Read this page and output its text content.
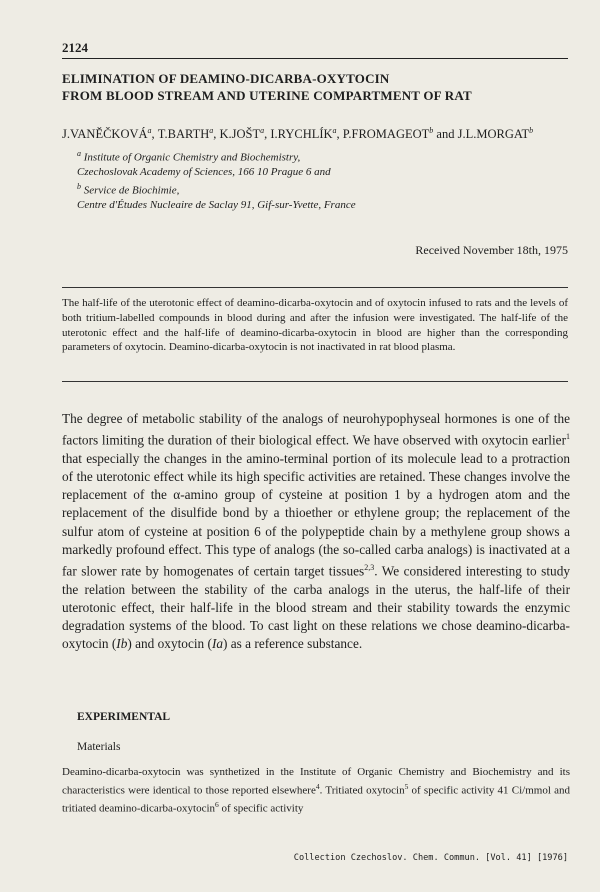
2124
ELIMINATION OF DEAMINO-DICARBA-OXYTOCIN
FROM BLOOD STREAM AND UTERINE COMPARTMENT OF RAT
J.VANĚČKOVÁ$^a$, T.BARTH$^a$, K.JOŠT$^a$, I.RYCHLÍK$^a$, P.FROMAGEOT$^b$ and J.L.MORGAT$^b$
$^a$ Institute of Organic Chemistry and Biochemistry,
Czechoslovak Academy of Sciences, 166 10 Prague 6 and
$^b$ Service de Biochimie,
Centre d'Études Nucleaire de Saclay 91, Gif-sur-Yvette, France
Received November 18th, 1975
The half-life of the uterotonic effect of deamino-dicarba-oxytocin and of oxytocin infused to rats and the levels of both tritium-labelled compounds in blood during and after the infusion were investigated. The half-life of the uterotonic effect and the half-life of deamino-dicarba-oxytocin in blood are higher than the corresponding parameters of oxytocin. Deamino-dicarba-oxytocin is not inactivated in rat blood plasma.
The degree of metabolic stability of the analogs of neurohypophyseal hormones is one of the factors limiting the duration of their biological effect. We have observed with oxytocin earlier$^1$ that especially the changes in the amino-terminal portion of its molecule lead to a protraction of the uterotonic effect while its high specific activities are retained. These changes involve the replacement of the α-amino group of cysteine at position 1 by a hydrogen atom and the replacement of the disulfide bond by a thioether or ethylene group; the replacement of the sulfur atom of cysteine at position 6 of the polypeptide chain by a methylene group shows a markedly profound effect. This type of analogs (the so-called carba analogs) is inactivated at a far slower rate by homogenates of certain target tissues$^{2,3}$. We considered interesting to study the relation between the stability of the carba analogs in the uterus, the half-life of their uterotonic effect, their half-life in the blood stream and their stability towards the enzymic degradation systems of the blood. To cast light on these relations we chose deamino-dicarba-oxytocin (Ib) and oxytocin (Ia) as a reference substance.
EXPERIMENTAL
Materials
Deamino-dicarba-oxytocin was synthetized in the Institute of Organic Chemistry and Biochemistry and its characteristics were identical to those reported elsewhere$^4$. Tritiated oxytocin$^5$ of specific activity 41 Ci/mmol and tritiated deamino-dicarba-oxytocin$^6$ of specific activity
Collection Czechoslov. Chem. Commun. [Vol. 41] [1976]
